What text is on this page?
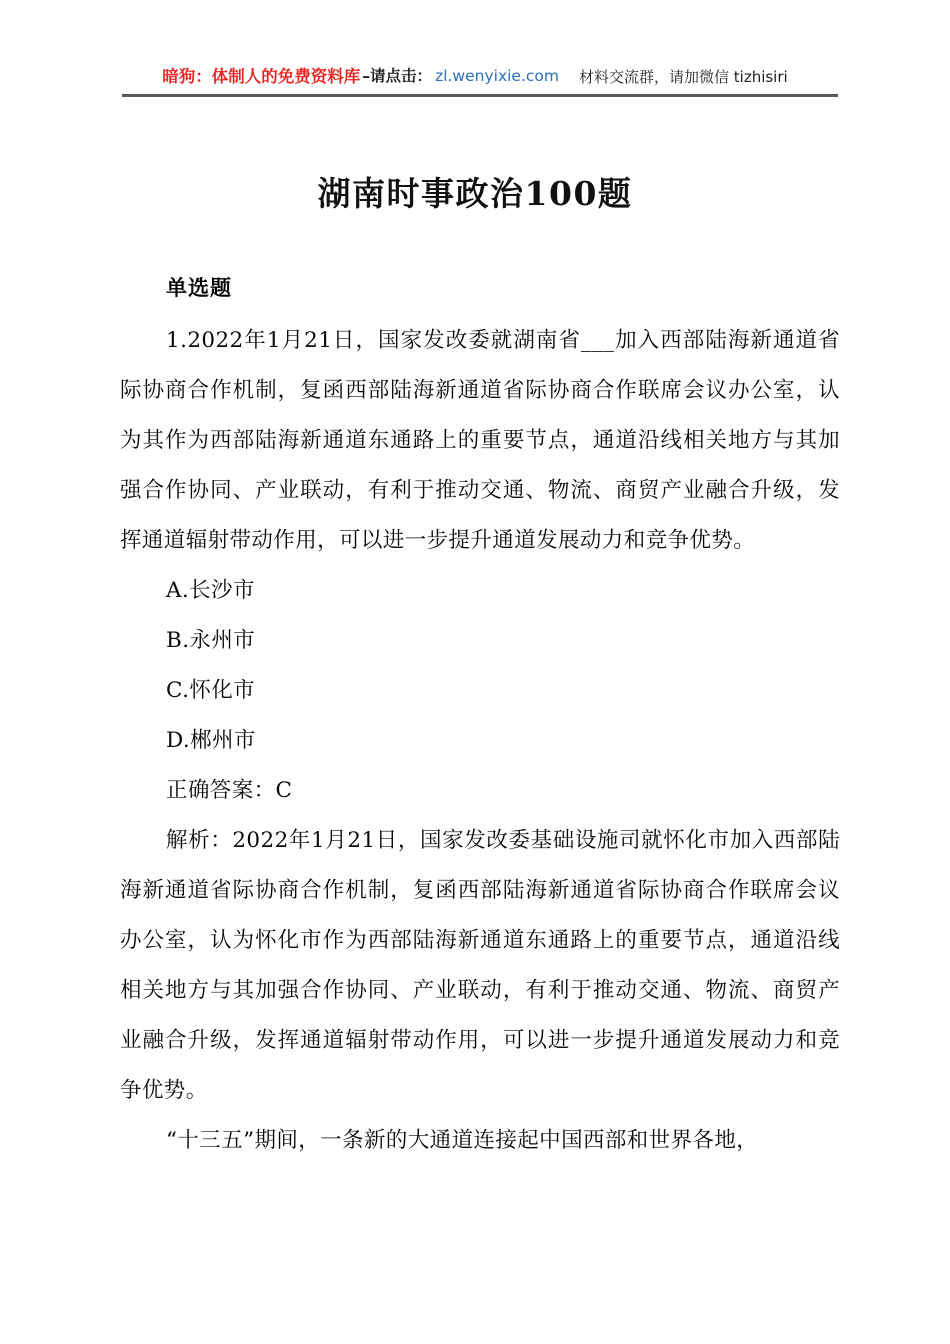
暗狗：体制人的免费资料库 –请点击： zl.wenyixie.com 材料交流群，请加微信 tizhisiri
湖南时事政治100题
单选题

1.2022年1月21日，国家发改委就湖南省___加入西部陆海新通道省际协商合作机制，复函西部陆海新通道省际协商合作联席会议办公室，认为其作为西部陆海新通道东通路上的重要节点，通道沿线相关地方与其加强合作协同、产业联动，有利于推动交通、物流、商贸产业融合升级，发挥通道辐射带动作用，可以进一步提升通道发展动力和竞争优势。

A.长沙市

B.永州市

C.怀化市

D.郴州市

正确答案：C

解析：2022年1月21日，国家发改委基础设施司就怀化市加入西部陆海新通道省际协商合作机制，复函西部陆海新通道省际协商合作联席会议办公室，认为怀化市作为西部陆海新通道东通路上的重要节点，通道沿线相关地方与其加强合作协同、产业联动，有利于推动交通、物流、商贸产业融合升级，发挥通道辐射带动作用，可以进一步提升通道发展动力和竞争优势。

“十三五”期间，一条新的大通道连接起中国西部和世界各地，
